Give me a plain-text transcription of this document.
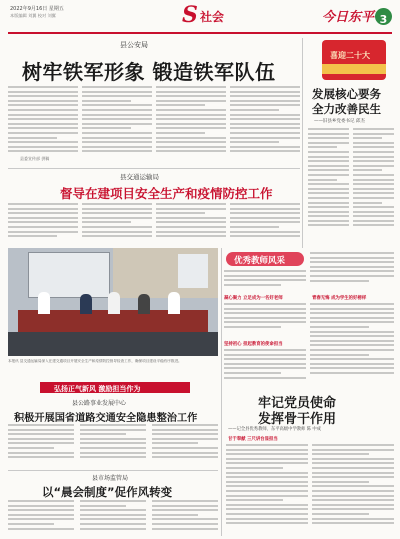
2022年9月16日 星期五
本版编辑 刘翼 校对 刘翼	S 社会	今日东平 3
县公安局
树牢铁军形象 锻造铁军队伍
县委宣传部 供稿
喜迎二十大
发展核心要务
全力改善民生
——旧县乡党委书记 邱杰
县交通运输局
督导在建项目安全生产和疫情防控工作
本报讯 县交通运输局深入在建交通项目开展安全生产和疫情防控督导检查工作，确保项目建设平稳有序推进。
优秀教师风采
凝心聚力 立足成为一名好老师
坚持初心 担起教育的使命担当
青春无悔 成为学生的好榜样
牢记党员使命
发挥骨干作用
——记全县优秀教师、东平高级中学教师 陈 中成
甘于奉献 三尺讲台显担当
弘扬正气新风 激励担当作为
县公路事业发展中心
积极开展国省道路交通安全隐患整治工作
县市场监管局
以“晨会制度”促作风转变
